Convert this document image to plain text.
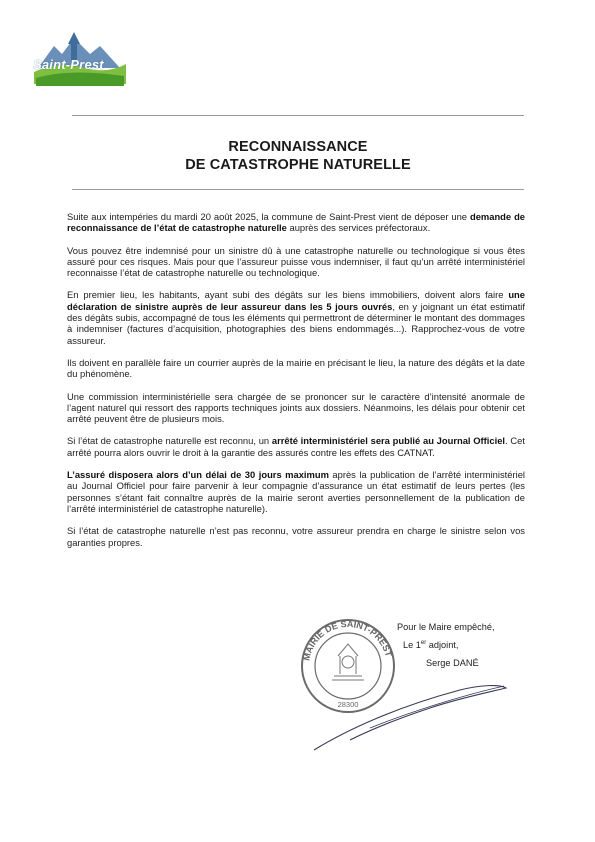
Saint-Prest
RECONNAISSANCE
DE CATASTROPHE NATURELLE

Suite aux intempéries du mardi 20 août 2025, la commune de Saint-Prest vient de déposer une demande de reconnaissance de l’état de catastrophe naturelle auprès des services préfectoraux.

Vous pouvez être indemnisé pour un sinistre dû à une catastrophe naturelle ou technologique si vous êtes assuré pour ces risques. Mais pour que l’assureur puisse vous indemniser, il faut qu’un arrêté interministériel reconnaisse l’état de catastrophe naturelle ou technologique.

En premier lieu, les habitants, ayant subi des dégâts sur les biens immobiliers, doivent alors faire une déclaration de sinistre auprès de leur assureur dans les 5 jours ouvrés, en y joignant un état estimatif des dégâts subis, accompagné de tous les éléments qui permettront de déterminer le montant des dommages à indemniser (factures d’acquisition, photographies des biens endommagés...). Rapprochez-vous de votre assureur.

Ils doivent en parallèle faire un courrier auprès de la mairie en précisant le lieu, la nature des dégâts et la date du phénomène.

Une commission interministérielle sera chargée de se prononcer sur le caractère d’intensité anormale de l’agent naturel qui ressort des rapports techniques joints aux dossiers. Néanmoins, les délais pour obtenir cet arrêté peuvent être de plusieurs mois.

Si l’état de catastrophe naturelle est reconnu, un arrêté interministériel sera publié au Journal Officiel. Cet arrêté pourra alors ouvrir le droit à la garantie des assurés contre les effets des CATNAT.

L’assuré disposera alors d’un délai de 30 jours maximum après la publication de l’arrêté interministériel au Journal Officiel pour faire parvenir à leur compagnie d’assurance un état estimatif de leurs pertes (les personnes s’étant fait connaître auprès de la mairie seront averties personnellement de la publication de l’arrêté interministériel de catastrophe naturelle).

Si l’état de catastrophe naturelle n’est pas reconnu, votre assureur prendra en charge le sinistre selon vos garanties propres.

MAIRIE DE SAINT-PREST
28300
Pour le Maire empêché,
Le 1er adjoint,
Serge DANÉ
